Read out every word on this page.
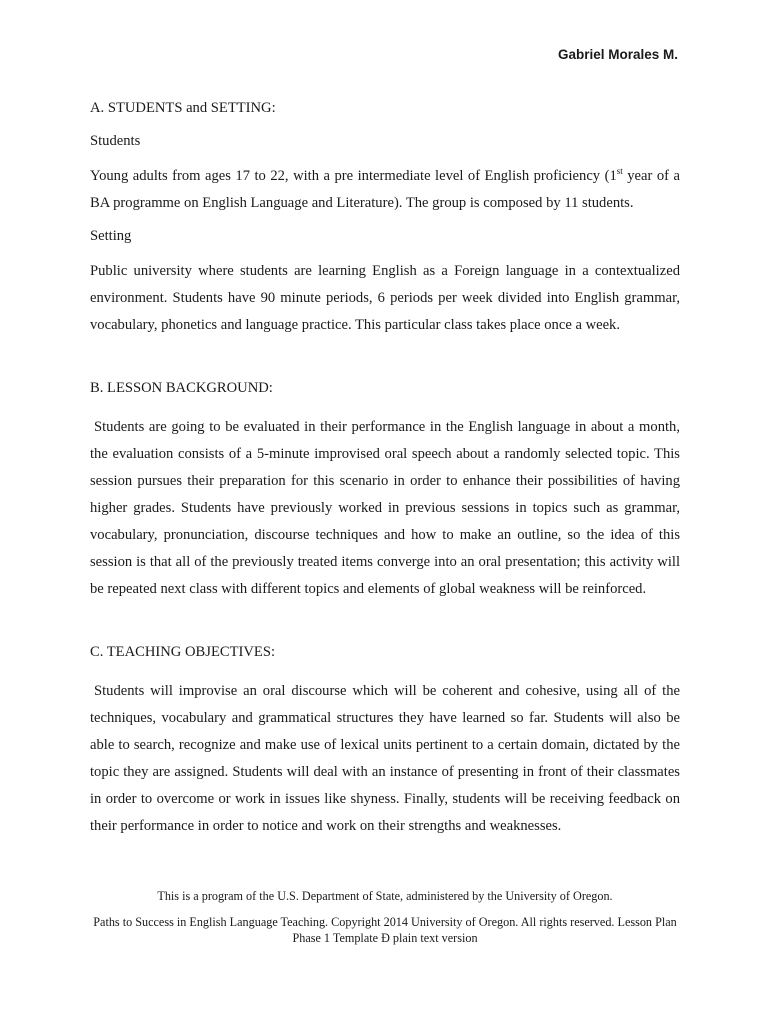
Gabriel Morales M.

A. STUDENTS and SETTING:

Students

Young adults from ages 17 to 22, with a pre intermediate level of English proficiency (1st year of a BA programme on English Language and Literature). The group is composed by 11 students.

Setting

Public university where students are learning English as a Foreign language in a contextualized environment. Students have 90 minute periods, 6 periods per week divided into English grammar, vocabulary, phonetics and language practice. This particular class takes place once a week.

B. LESSON BACKGROUND:

Students are going to be evaluated in their performance in the English language in about a month, the evaluation consists of a 5-minute improvised oral speech about a randomly selected topic. This session pursues their preparation for this scenario in order to enhance their possibilities of having higher grades. Students have previously worked in previous sessions in topics such as grammar, vocabulary, pronunciation, discourse techniques and how to make an outline, so the idea of this session is that all of the previously treated items converge into an oral presentation; this activity will be repeated next class with different topics and elements of global weakness will be reinforced.

C. TEACHING OBJECTIVES:

Students will improvise an oral discourse which will be coherent and cohesive, using all of the techniques, vocabulary and grammatical structures they have learned so far. Students will also be able to search, recognize and make use of lexical units pertinent to a certain domain, dictated by the topic they are assigned. Students will deal with an instance of presenting in front of their classmates in order to overcome or work in issues like shyness. Finally, students will be receiving feedback on their performance in order to notice and work on their strengths and weaknesses.

This is a program of the U.S. Department of State, administered by the University of Oregon.

Paths to Success in English Language Teaching. Copyright 2014 University of Oregon. All rights reserved. Lesson Plan Phase 1 Template Ð plain text version
